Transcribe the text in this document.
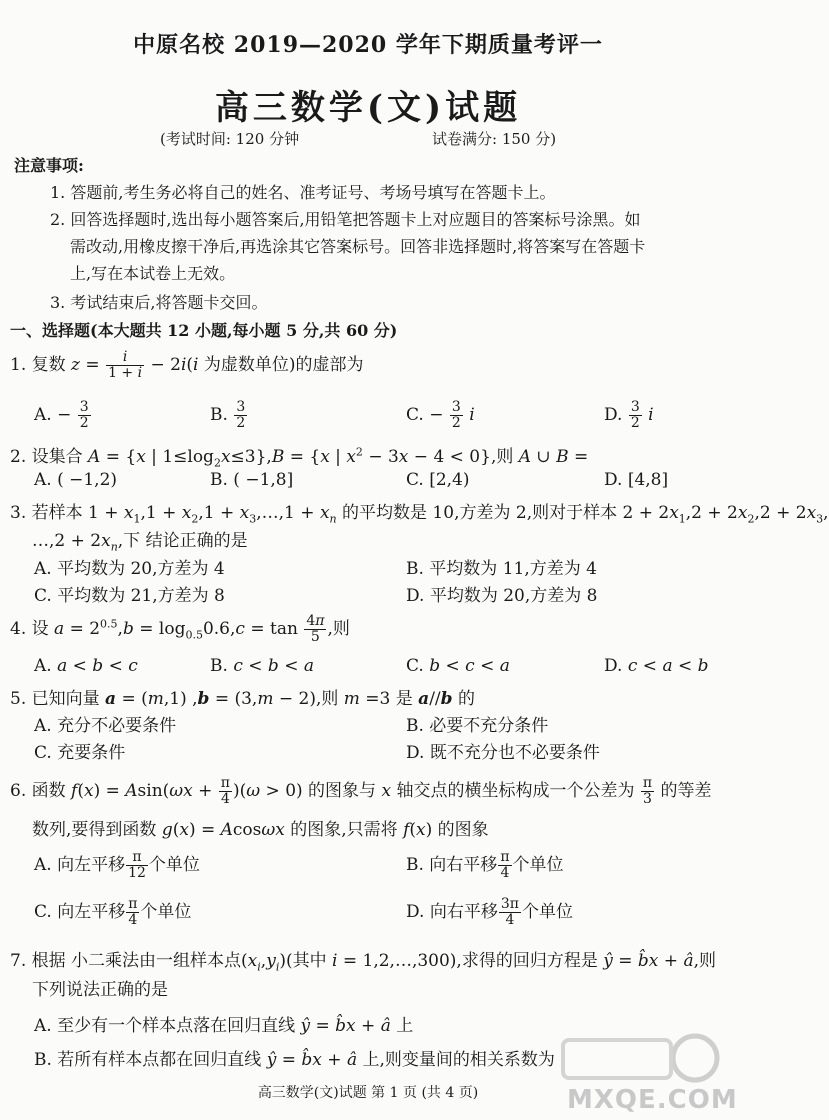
中原名校 2019—2020 学年下期质量考评一
高三数学(文)试题
(考试时间: 120 分钟	试卷满分: 150 分)
注意事项:
1. 答题前,考生务必将自己的姓名、准考证号、考场号填写在答题卡上。
2. 回答选择题时,选出每小题答案后,用铅笔把答题卡上对应题目的答案标号涂黑。如
需改动,用橡皮擦干净后,再选涂其它答案标号。回答非选择题时,将答案写在答题卡
上,写在本试卷上无效。
3. 考试结束后,将答题卡交回。
一、选择题(本大题共 12 小题,每小题 5 分,共 60 分)
1. 复数 $z = \frac{i}{1 + i} - 2i(i$ 为虚数单位)的虚部为
A. − $\frac{3}{2}$	B. $\frac{3}{2}$	C. − $\frac{3}{2}$ i	D. $\frac{3}{2}$ i
2. 设集合 A = {x | $1\le\log_2x\le 3\},B = \{x$ | $x^2 - 3x - 4 < 0$},则 A ∪ B =
A. ( −1,2)	B. ( −1,8]	C. [2,4)	D. [4,8]
3. 若样本 $1 + x_1,1 + x_2,1$ + $x_3,\dots,1 + x_n$ 的平均数是 10,方差为 2,则对于样本 $2 + 2x_1,2 + 2x_2,2 + 2x_3$,
…,2 + $2x_n$,下 结论正确的是
A. 平均数为 20,方差为 4	B. 平均数为 11,方差为 4
C. 平均数为 21,方差为 8	D. 平均数为 20,方差为 8
4. 设 $a = 2^{0.5},b = \log_{0.5}0.6,c = \tan \frac{4\pi}{5}$ ,则
A. a < b < c	B. c < b < a	C. b < c < a	D. c < a < b
5. 已知向量 a = (m,1) ,b = (3,m − 2),则 m =3 是 a//b 的
A. 充分不必要条件	B. 必要不充分条件
C. 充要条件	D. 既不充分也不必要条件
6. 函数 $f(x) = Asin(\omega x + \frac{\pi}{4} )(\omega > 0)$ 的图象与 x 轴交点的横坐标构成一个公差为 $\frac{\pi}{3}$ 的等差
数列,要得到函数 g(x) = Acosωx 的图象,只需将 f(x) 的图象
A. 向左平移 $\frac{\pi}{12}$ 个单位	B. 向右平移 $\frac{\pi}{4}$ 个单位
C. 向左平移 $\frac{\pi}{4}$ 个单位	D. 向右平移 $\frac{3\pi}{4}$ 个单位
7. 根据 小二乘法由一组样本点$(x_i,y_i)$(其中 i = 1,2,…,300),求得的回归方程是 ŷ = b̂x + â,则
下列说法正确的是
A. 至少有一个样本点落在回归直线 ŷ = b̂x + â 上
B. 若所有样本点都在回归直线 ŷ = b̂x + â 上,则变量间的相关系数为
高三数学(文)试题 第 1 页 (共 4 页)	MXQE.COM
